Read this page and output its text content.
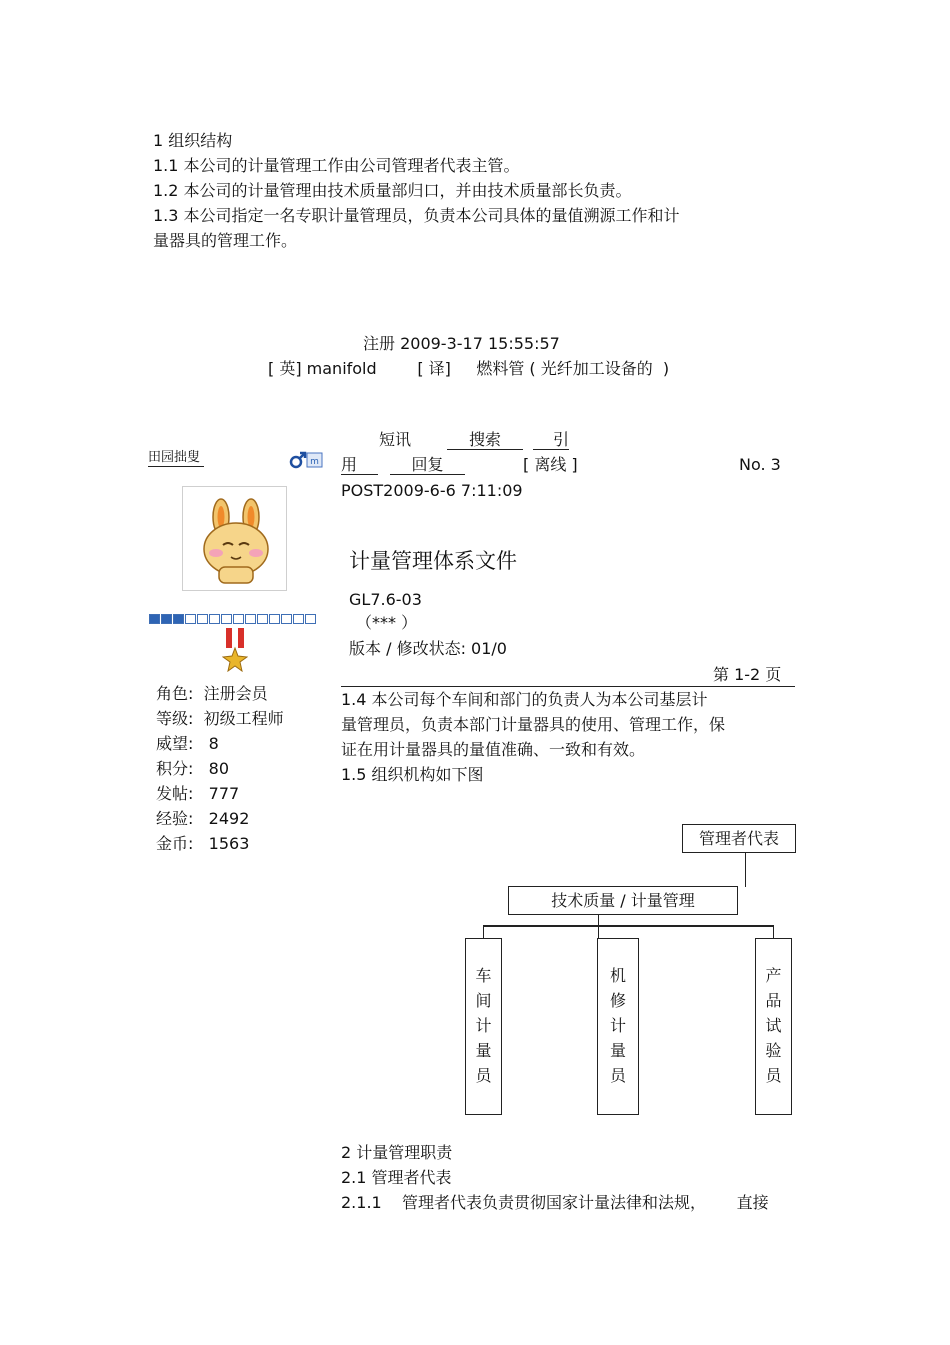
1 组织结构
1.1 本公司的计量管理工作由公司管理者代表主管。
1.2 本公司的计量管理由技术质量部归口，并由技术质量部长负责。
1.3 本公司指定一名专职计量管理员，负责本公司具体的量值溯源工作和计
量器具的管理工作。
注册 2009-3-17 15:55:57
[ 英] manifold        [ 译]     燃料管 ( 光纤加工设备的  )
田园拙叟	m
角色: 注册会员
等级: 初级工程师
威望: 8
积分: 80
发帖: 777
经验: 2492
金币: 1563
短讯	搜索	引
用	回复	[ 离线 ]	No. 3
POST2009-6-6 7:11:09
计量管理体系文件
GL7.6-03
（*** ）
版本 / 修改状态: 01/0
第 1-2 页
1.4 本公司每个车间和部门的负责人为本公司基层计
量管理员，负责本部门计量器具的使用、管理工作，保
证在用计量器具的量值准确、一致和有效。
1.5 组织机构如下图
管理者代表
技术质量 / 计量管理
车
间
计
量
员
机
修
计
量
员
产
品
试
验
员
2 计量管理职责
2.1 管理者代表
2.1.1    管理者代表负责贯彻国家计量法律和法规，      直接
